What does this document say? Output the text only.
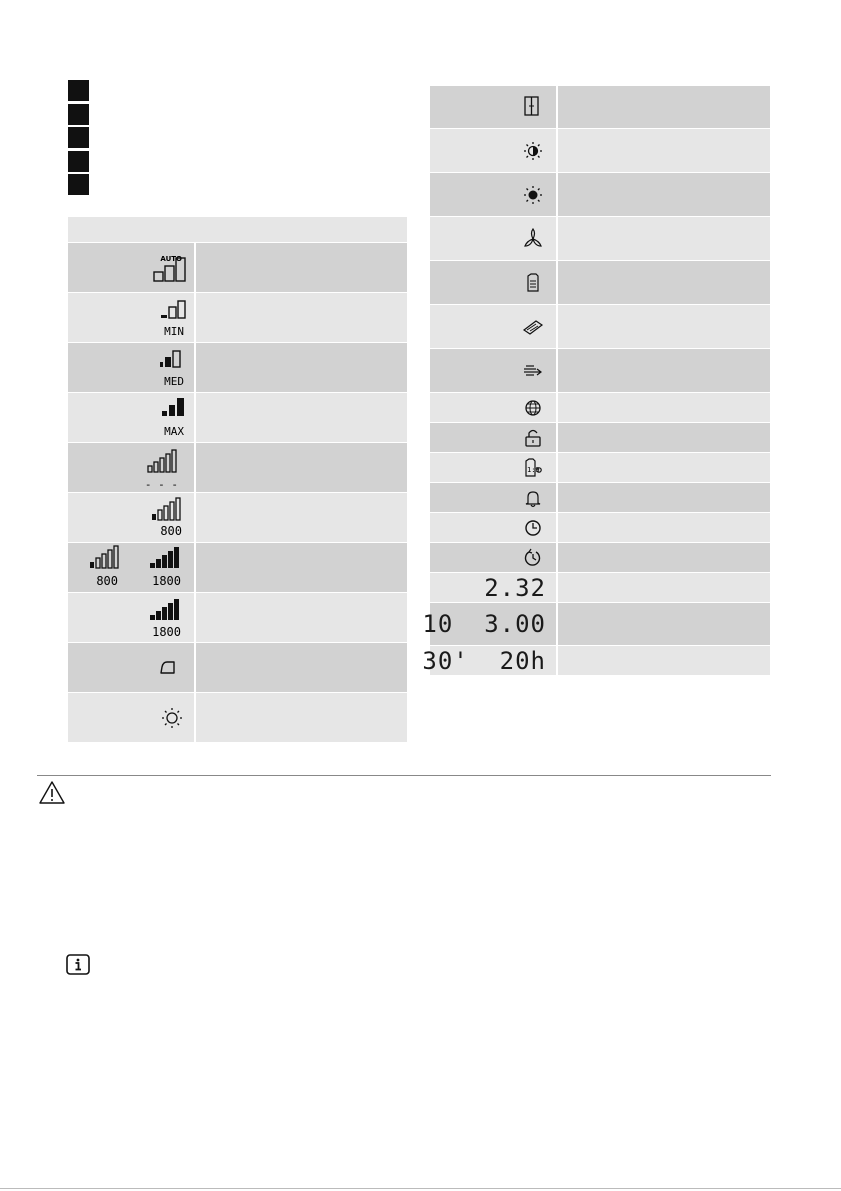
AUTO
MIN
MED
MAX
- - -
800
800	1800
1800
1:9
2.32
10  3.00
30'  20h
